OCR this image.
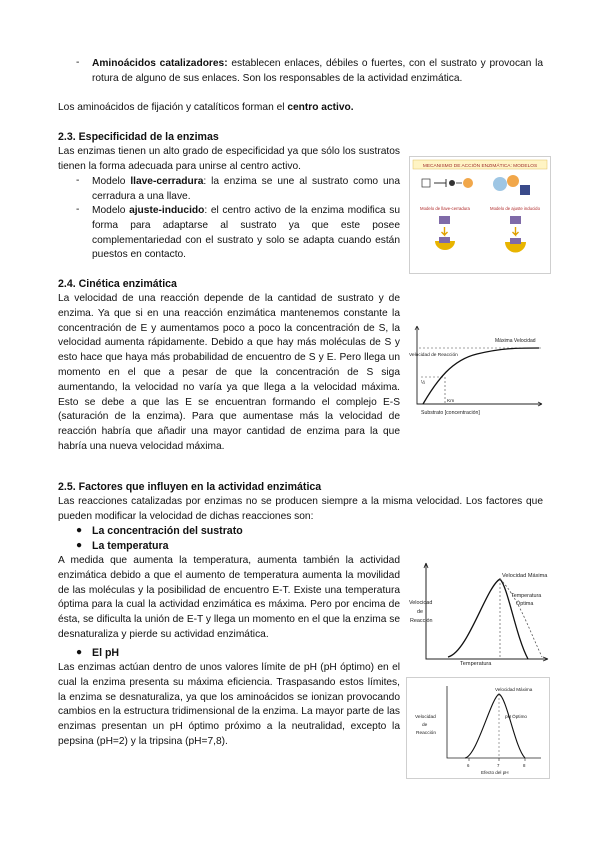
- Aminoácidos catalizadores: establecen enlaces, débiles o fuertes, con el sustrato y provocan la rotura de alguno de sus enlaces. Son los responsables de la actividad enzimática.

Los aminoácidos de fijación y catalíticos forman el centro activo.

2.3. Especificidad de la enzimas

Las enzimas tienen un alto grado de especificidad ya que sólo los sustratos tienen la forma adecuada para unirse al centro activo.

- Modelo llave-cerradura: la enzima se une al sustrato como una cerradura a una llave.

- Modelo ajuste-inducido: el centro activo de la enzima modifica su forma para adaptarse al sustrato ya que este posee complementariedad con el sustrato y solo se adapta cuando están puestos en contacto.

MECANISMO DE ACCIÓN ENZIMÁTICA: MODELOS
Modelo de llave-cerradura	Modelo de ajuste inducido

2.4. Cinética enzimática

La velocidad de una reacción depende de la cantidad de sustrato y de enzima. Ya que si en una reacción enzimática mantenemos constante la concentración de E y aumentamos poco a poco la concentración de S, la velocidad aumenta rápidamente. Debido a que hay más moléculas de S y esto hace que haya más probabilidad de encuentro de S y E. Pero llega un momento en el que a pesar de que la concentración de S siga aumentando, la velocidad no varía ya que llega a la velocidad máxima. Esto se debe a que las E se encuentran formando el complejo E-S (saturación de la enzima). Para que aumentase más la velocidad de reacción habría que añadir una mayor cantidad de enzima para la que habría una nueva velocidad máxima.

Velocidad de Reacción
Máxima Velocidad
½
Km
Substrato [concentración]

2.5. Factores que influyen en la actividad enzimática

Las reacciones catalizadas por enzimas no se producen siempre a la misma velocidad. Los factores que pueden modificar la velocidad de dichas reacciones son:

● La concentración del sustrato

● La temperatura

A medida que aumenta la temperatura, aumenta también la actividad enzimática debido a que el aumento de temperatura aumenta la movilidad de las moléculas y la posibilidad de encuentro E-T. Existe una temperatura óptima para la cual la actividad enzimática es máxima. Pero por encima de ésta, se dificulta la unión de E-T y llega un momento en el que la enzima se desnaturaliza y pierde su actividad enzimática.

Velocidad
de
Reacción
Velocidad Máxima
Temperatura
Óptima
Temperatura
● El pH

Las enzimas actúan dentro de unos valores límite de pH (pH óptimo) en el cual la enzima presenta su máxima eficiencia. Traspasando estos límites, la enzima se desnaturaliza, ya que los aminoácidos se ionizan provocando cambios en la estructura tridimensional de la enzima. La mayor parte de las enzimas presentan un pH óptimo próximo a la neutralidad, excepto la pepsina (pH=2) y la tripsina (pH=7,8).

Velocidad
de
Reacción
Velocidad Máxima
pH Óptimo
6	7	8
Efecto del pH
